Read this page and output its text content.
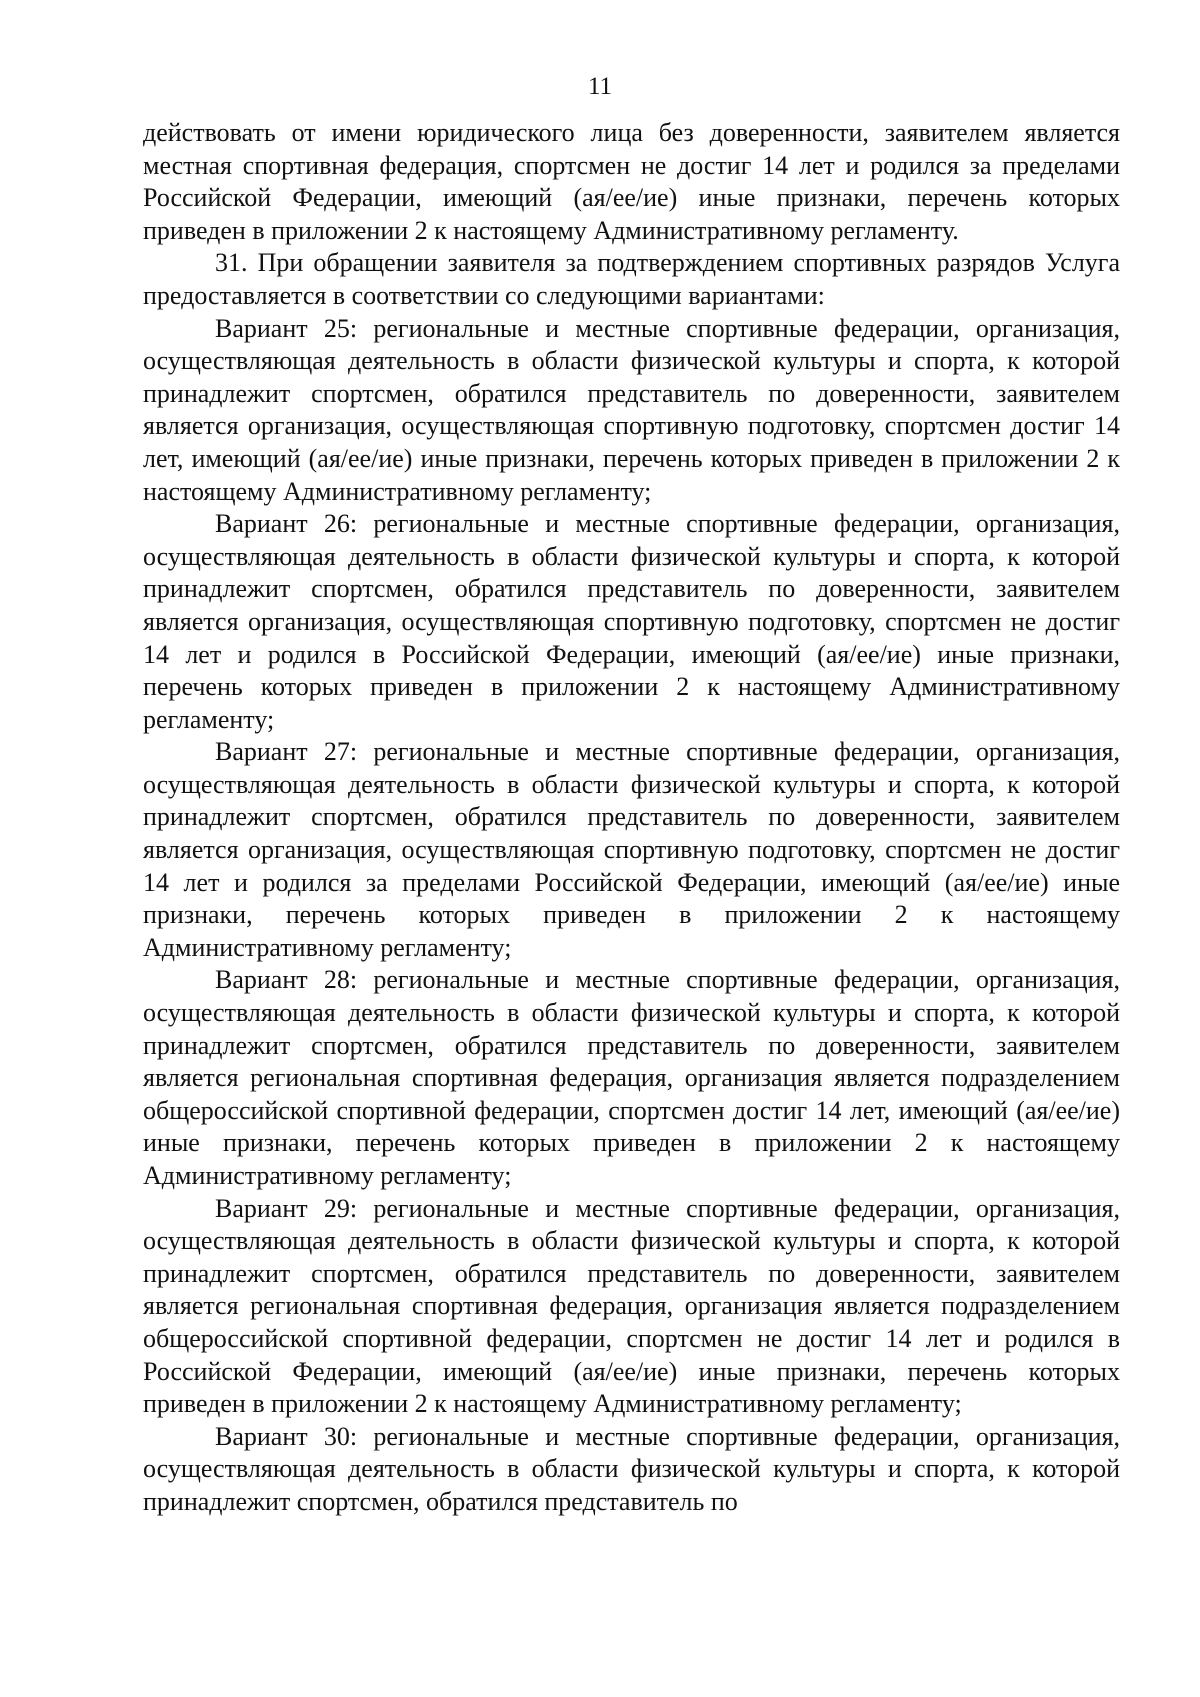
11

действовать от имени юридического лица без доверенности, заявителем является местная спортивная федерация, спортсмен не достиг 14 лет и родился за пределами Российской Федерации, имеющий (ая/ее/ие) иные признаки, перечень которых приведен в приложении 2 к настоящему Административному регламенту.

31. При обращении заявителя за подтверждением спортивных разрядов Услуга предоставляется в соответствии со следующими вариантами:

Вариант 25: региональные и местные спортивные федерации, организация, осуществляющая деятельность в области физической культуры и спорта, к которой принадлежит спортсмен, обратился представитель по доверенности, заявителем является организация, осуществляющая спортивную подготовку, спортсмен достиг 14 лет, имеющий (ая/ее/ие) иные признаки, перечень которых приведен в приложении 2 к настоящему Административному регламенту;

Вариант 26: региональные и местные спортивные федерации, организация, осуществляющая деятельность в области физической культуры и спорта, к которой принадлежит спортсмен, обратился представитель по доверенности, заявителем является организация, осуществляющая спортивную подготовку, спортсмен не достиг 14 лет и родился в Российской Федерации, имеющий (ая/ее/ие) иные признаки, перечень которых приведен в приложении 2 к настоящему Административному регламенту;

Вариант 27: региональные и местные спортивные федерации, организация, осуществляющая деятельность в области физической культуры и спорта, к которой принадлежит спортсмен, обратился представитель по доверенности, заявителем является организация, осуществляющая спортивную подготовку, спортсмен не достиг 14 лет и родился за пределами Российской Федерации, имеющий (ая/ее/ие) иные признаки, перечень которых приведен в приложении 2 к настоящему Административному регламенту;

Вариант 28: региональные и местные спортивные федерации, организация, осуществляющая деятельность в области физической культуры и спорта, к которой принадлежит спортсмен, обратился представитель по доверенности, заявителем является региональная спортивная федерация, организация является подразделением общероссийской спортивной федерации, спортсмен достиг 14 лет, имеющий (ая/ее/ие) иные признаки, перечень которых приведен в приложении 2 к настоящему Административному регламенту;

Вариант 29: региональные и местные спортивные федерации, организация, осуществляющая деятельность в области физической культуры и спорта, к которой принадлежит спортсмен, обратился представитель по доверенности, заявителем является региональная спортивная федерация, организация является подразделением общероссийской спортивной федерации, спортсмен не достиг 14 лет и родился в Российской Федерации, имеющий (ая/ее/ие) иные признаки, перечень которых приведен в приложении 2 к настоящему Административному регламенту;

Вариант 30: региональные и местные спортивные федерации, организация, осуществляющая деятельность в области физической культуры и спорта, к которой принадлежит спортсмен, обратился представитель по
